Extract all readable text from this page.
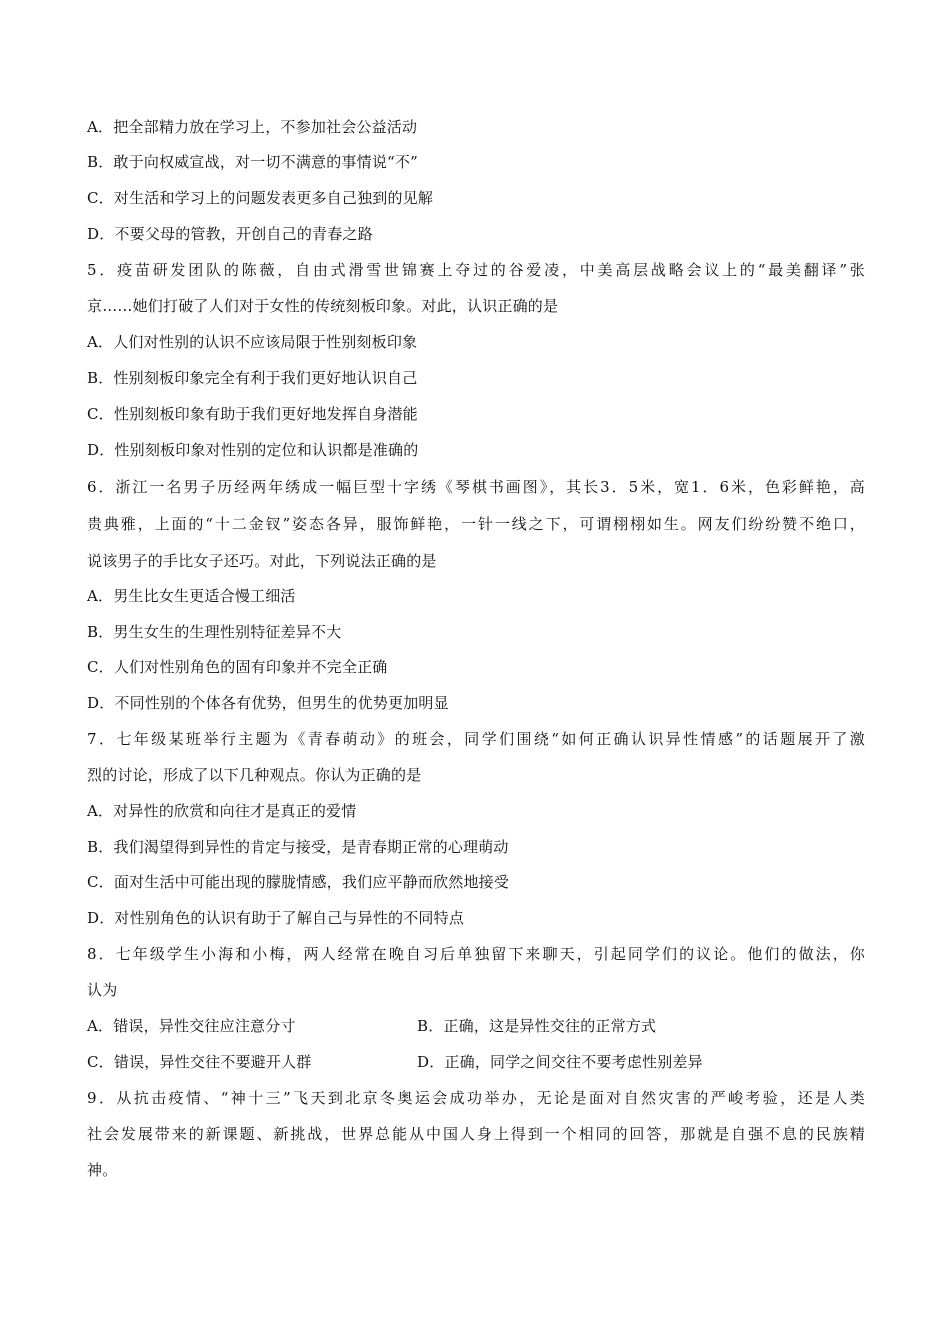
A．把全部精力放在学习上，不参加社会公益活动
B．敢于向权威宣战，对一切不满意的事情说“不”
C．对生活和学习上的问题发表更多自己独到的见解
D．不要父母的管教，开创自己的青春之路
5．疫苗研发团队的陈薇，自由式滑雪世锦赛上夺过的谷爱凌，中美高层战略会议上的“最美翻译”张
京……她们打破了人们对于女性的传统刻板印象。对此，认识正确的是
A．人们对性别的认识不应该局限于性别刻板印象
B．性别刻板印象完全有利于我们更好地认识自己
C．性别刻板印象有助于我们更好地发挥自身潜能
D．性别刻板印象对性别的定位和认识都是准确的
6．浙江一名男子历经两年绣成一幅巨型十字绣《琴棋书画图》，其长3．5米，宽1．6米，色彩鲜艳，高
贵典雅，上面的“十二金钗”姿态各异，服饰鲜艳，一针一线之下，可谓栩栩如生。网友们纷纷赞不绝口，
说该男子的手比女子还巧。对此，下列说法正确的是
A．男生比女生更适合慢工细活
B．男生女生的生理性别特征差异不大
C．人们对性别角色的固有印象并不完全正确
D．不同性别的个体各有优势，但男生的优势更加明显
7．七年级某班举行主题为《青春萌动》的班会，同学们围绕“如何正确认识异性情感”的话题展开了激
烈的讨论，形成了以下几种观点。你认为正确的是
A．对异性的欣赏和向往才是真正的爱情
B．我们渴望得到异性的肯定与接受，是青春期正常的心理萌动
C．面对生活中可能出现的朦胧情感，我们应平静而欣然地接受
D．对性别角色的认识有助于了解自己与异性的不同特点
8．七年级学生小海和小梅，两人经常在晚自习后单独留下来聊天，引起同学们的议论。他们的做法，你
认为
A．错误，异性交往应注意分寸	B．正确，这是异性交往的正常方式
C．错误，异性交往不要避开人群	D．正确，同学之间交往不要考虑性别差异
9．从抗击疫情、“神十三”飞天到北京冬奥运会成功举办，无论是面对自然灾害的严峻考验，还是人类
社会发展带来的新课题、新挑战，世界总能从中国人身上得到一个相同的回答，那就是自强不息的民族精
神。
